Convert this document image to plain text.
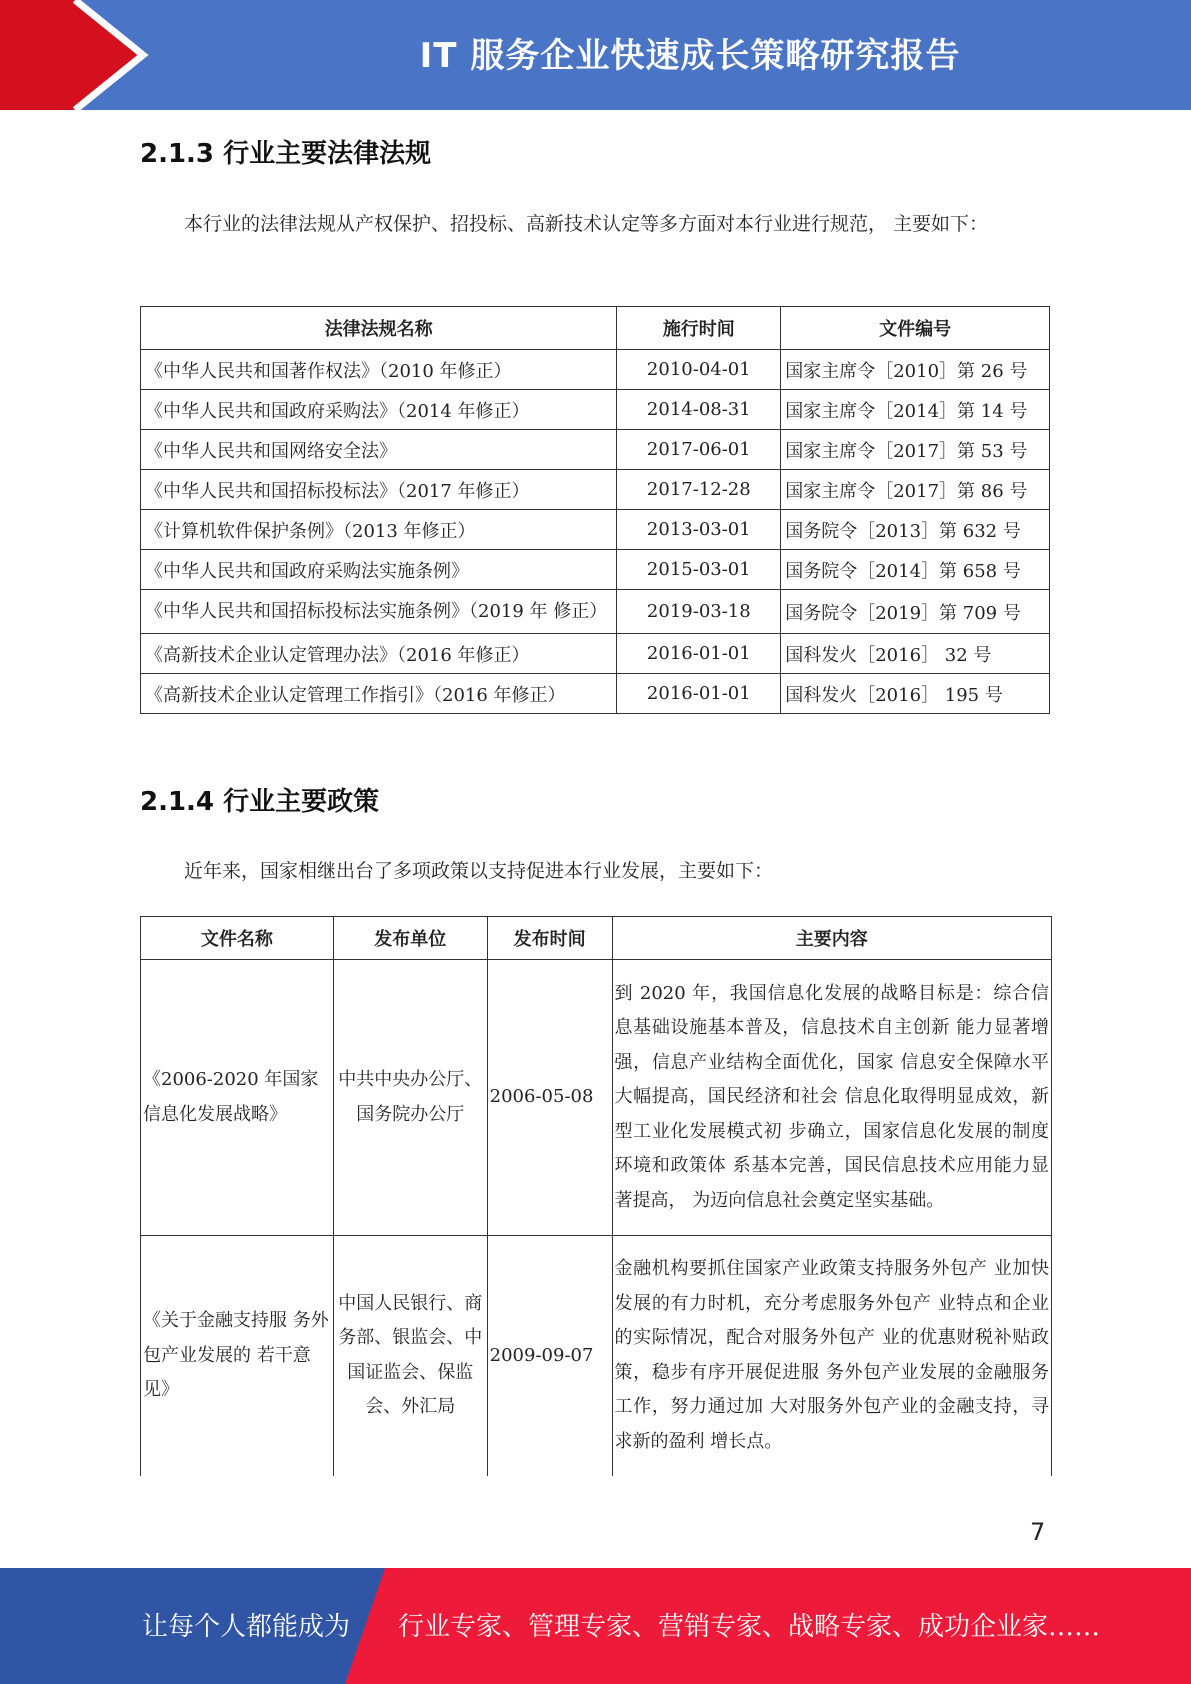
IT 服务企业快速成长策略研究报告
2.1.3 行业主要法律法规
本行业的法律法规从产权保护、招投标、高新技术认定等多方面对本行业进行规范， 主要如下：
法律法规名称	施行时间	文件编号
《中华人民共和国著作权法》（2010 年修正）	2010-04-01	国家主席令［2010］第 26 号
《中华人民共和国政府采购法》（2014 年修正）	2014-08-31	国家主席令［2014］第 14 号
《中华人民共和国网络安全法》	2017-06-01	国家主席令［2017］第 53 号
《中华人民共和国招标投标法》（2017 年修正）	2017-12-28	国家主席令［2017］第 86 号
《计算机软件保护条例》（2013 年修正）	2013-03-01	国务院令［2013］第 632 号
《中华人民共和国政府采购法实施条例》	2015-03-01	国务院令［2014］第 658 号
《中华人民共和国招标投标法实施条例》（2019 年 修正）	2019-03-18	国务院令［2019］第 709 号
《高新技术企业认定管理办法》（2016 年修正）	2016-01-01	国科发火［2016］ 32 号
《高新技术企业认定管理工作指引》（2016 年修正）	2016-01-01	国科发火［2016］ 195 号
2.1.4 行业主要政策
近年来，国家相继出台了多项政策以支持促进本行业发展，主要如下：
文件名称	发布单位	发布时间	主要内容
《2006-2020 年国家信息化发展战略》	中共中央办公厅、国务院办公厅	2006-05-08	到 2020 年，我国信息化发展的战略目标是：综合信息基础设施基本普及，信息技术自主创新 能力显著增强，信息产业结构全面优化，国家 信息安全保障水平大幅提高，国民经济和社会 信息化取得明显成效，新型工业化发展模式初 步确立，国家信息化发展的制度环境和政策体 系基本完善，国民信息技术应用能力显著提高， 为迈向信息社会奠定坚实基础。
《关于金融支持服 务外包产业发展的 若干意见》	中国人民银行、商务部、银监会、中国证监会、保监会、外汇局	2009-09-07	金融机构要抓住国家产业政策支持服务外包产 业加快发展的有力时机，充分考虑服务外包产 业特点和企业的实际情况，配合对服务外包产 业的优惠财税补贴政策，稳步有序开展促进服 务外包产业发展的金融服务工作，努力通过加 大对服务外包产业的金融支持，寻求新的盈利 增长点。
7
让每个人都能成为 行业专家、管理专家、营销专家、战略专家、成功企业家……
